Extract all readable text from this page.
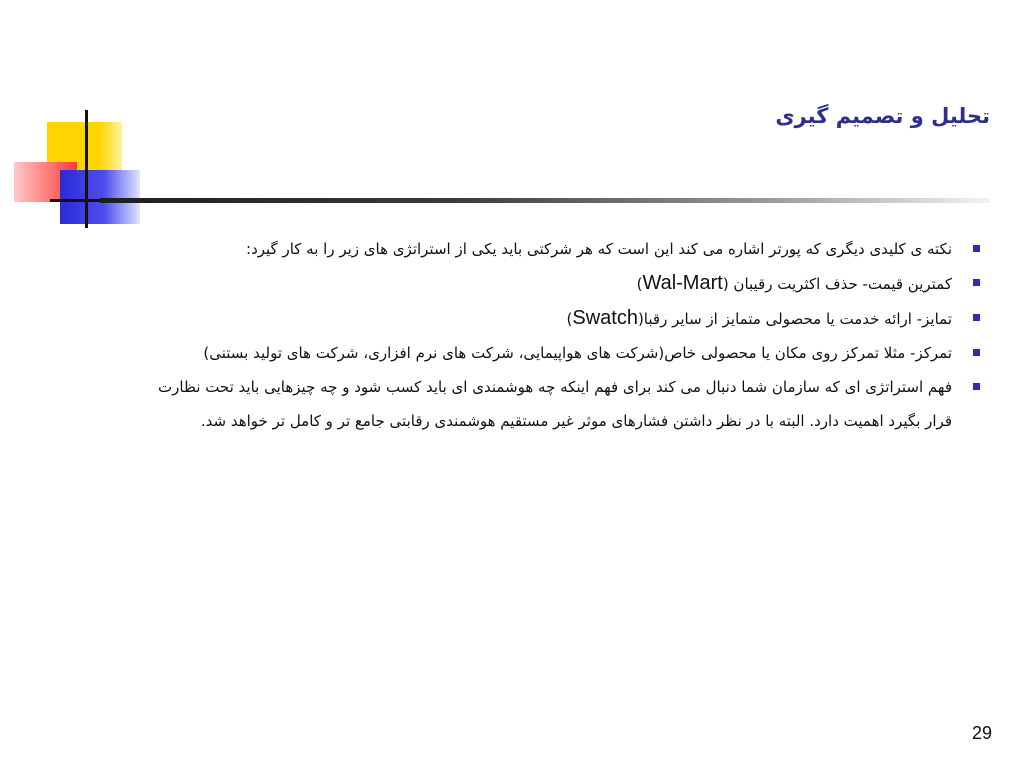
تحلیل و تصمیم گیری
نکته ی کلیدی دیگری که پورتر اشاره می کند این است که هر شرکتی باید یکی از استراتژی های زیر را به کار گیرد:
کمترین قیمت- حذف اکثریت رقیبان (Wal-Mart)
تمایز- ارائه خدمت یا محصولی متمایز از سایر رقبا(Swatch)
تمرکز- مثلا تمرکز روی مکان یا محصولی خاص(شرکت های هواپیمایی، شرکت های نرم افزاری، شرکت های تولید بستنی)
فهم استراتژی ای که سازمان شما دنبال می کند برای فهم اینکه چه هوشمندی ای باید کسب شود و چه چیزهایی باید تحت نظارت قرار بگیرد اهمیت دارد. البته با در نظر داشتن فشارهای موثر غیر مستقیم هوشمندی رقابتی جامع تر و کامل تر خواهد شد.
29
